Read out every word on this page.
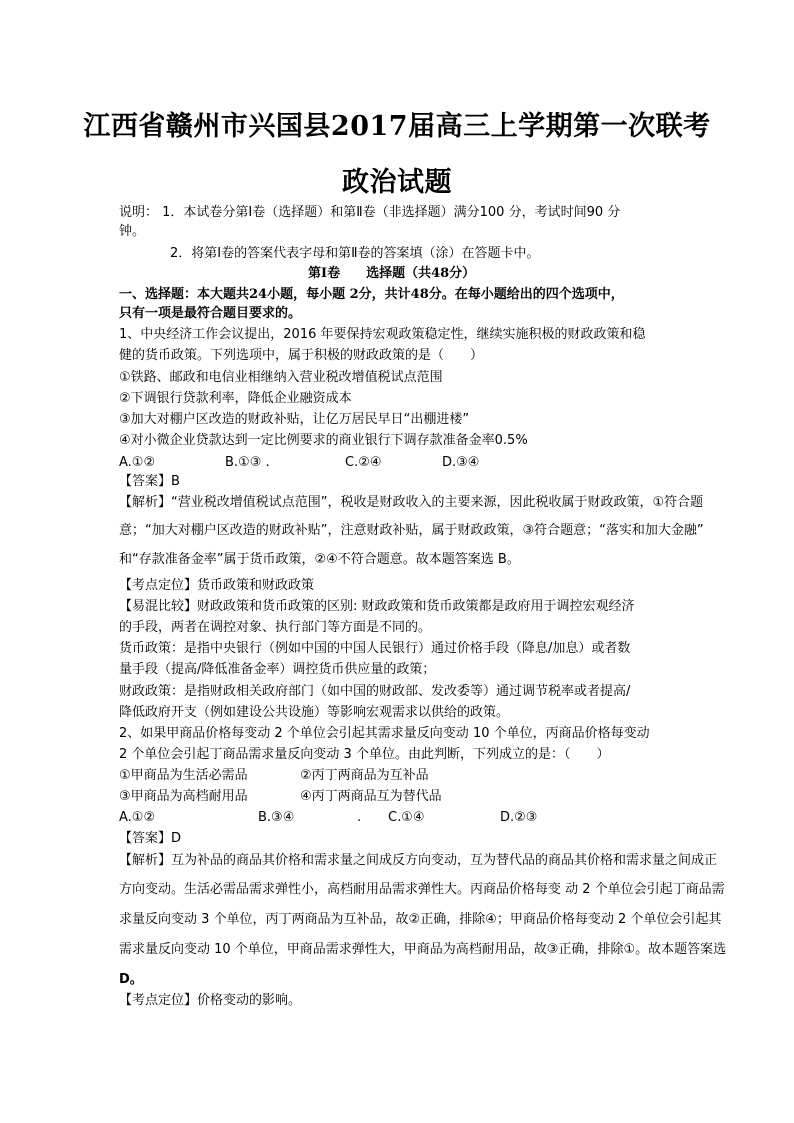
江西省赣州市兴国县2017届高三上学期第一次联考
政治试题
说明： 1．本试卷分第Ⅰ卷（选择题）和第Ⅱ卷（非选择题）满分100 分，考试时间90 分
钟。
2．将第Ⅰ卷的答案代表字母和第Ⅱ卷的答案填（涂）在答题卡中。
第Ⅰ卷　　选择题（共48分）
一、选择题：本大题共24小题，每小题 2分，共计48分。在每小题给出的四个选项中，
只有一项是最符合题目要求的。
1、中央经济工作会议提出，2016 年要保持宏观政策稳定性，继续实施积极的财政政策和稳
健的货币政策。下列选项中，属于积极的财政政策的是（　　）
①铁路、邮政和电信业相继纳入营业税改增值税试点范围
②下调银行贷款利率，降低企业融资成本
③加大对棚户区改造的财政补贴，让亿万居民早日“出棚进楼”
④对小微企业贷款达到一定比例要求的商业银行下调存款准备金率0.5%
A.①②	B.①③ .	C.②④	D.③④
【答案】B
【解析】“营业税改增值税试点范围”，税收是财政收入的主要来源，因此税收属于财政政策，①符合题
意；“加大对棚户区改造的财政补贴”，注意财政补贴，属于财政政策，③符合题意；“落实和加大金融”
和“存款准备金率”属于货币政策，②④不符合题意。故本题答案选 B。
【考点定位】货币政策和财政政策
【易混比较】财政政策和货币政策的区别: 财政政策和货币政策都是政府用于调控宏观经济
的手段，两者在调控对象、执行部门等方面是不同的。
货币政策：是指中央银行（例如中国的中国人民银行）通过价格手段（降息/加息）或者数
量手段（提高/降低准备金率）调控货币供应量的政策；
财政政策：是指财政相关政府部门（如中国的财政部、发改委等）通过调节税率或者提高/
降低政府开支（例如建设公共设施）等影响宏观需求以供给的政策。
2、如果甲商品价格每变动 2 个单位会引起其需求量反向变动 10 个单位，丙商品价格每变动
2 个单位会引起丁商品需求量反向变动 3 个单位。由此判断，下列成立的是：（　　）
①甲商品为生活必需品	②丙丁两商品为互补品
③甲商品为高档耐用品	④丙丁两商品互为替代品
A.①②	B.③④	. C.①④	D.②③
【答案】D
【解析】互为补品的商品其价格和需求量之间成反方向变动，互为替代品的商品其价格和需求量之间成正
方向变动。生活必需品需求弹性小，高档耐用品需求弹性大。丙商品价格每变 动 2 个单位会引起丁商品需
求量反向变动 3 个单位，丙丁两商品为互补品，故②正确，排除④；甲商品价格每变动 2 个单位会引起其
需求量反向变动 10 个单位，甲商品需求弹性大，甲商品为高档耐用品，故③正确，排除①。故本题答案选
D。
【考点定位】价格变动的影响。
